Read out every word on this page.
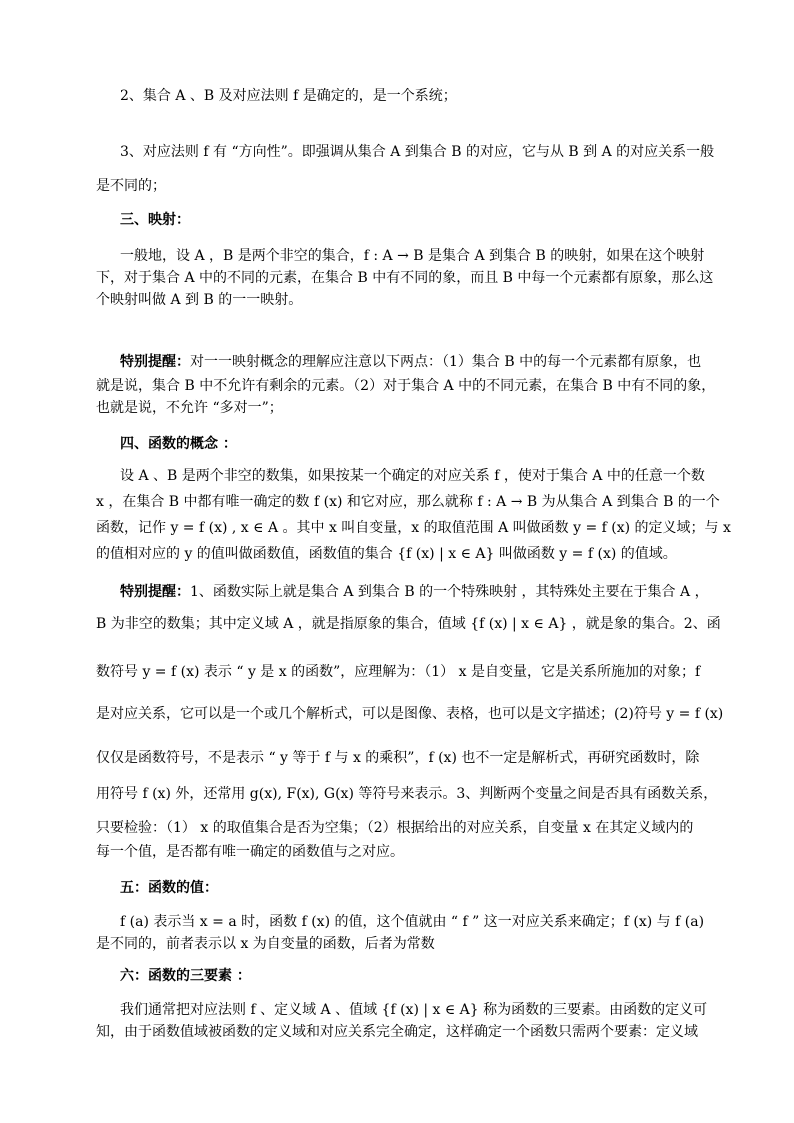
2、集合 A 、B 及对应法则 f 是确定的，是一个系统；
3、对应法则 f 有 “方向性”。即强调从集合 A 到集合 B 的对应，它与从 B 到 A 的对应关系一般
是不同的；
三、映射：
一般地，设 A ，B 是两个非空的集合，f : A → B 是集合 A 到集合 B 的映射，如果在这个映射
下，对于集合 A 中的不同的元素，在集合 B 中有不同的象，而且 B 中每一个元素都有原象，那么这
个映射叫做 A 到 B 的一一映射。
特别提醒：对一一映射概念的理解应注意以下两点：（1）集合 B 中的每一个元素都有原象，也
就是说，集合 B 中不允许有剩余的元素。（2）对于集合 A 中的不同元素，在集合 B 中有不同的象，
也就是说，不允许 “多对一”；
四、函数的概念 ：
设 A 、B 是两个非空的数集，如果按某一个确定的对应关系 f ，使对于集合 A 中的任意一个数
x ，在集合 B 中都有唯一确定的数 f (x) 和它对应，那么就称 f : A → B 为从集合 A 到集合 B 的一个
函数，记作 y = f (x) , x ∈ A 。其中 x 叫自变量，x 的取值范围 A 叫做函数 y = f (x) 的定义域；与 x
的值相对应的 y 的值叫做函数值，函数值的集合 {f (x) | x ∈ A} 叫做函数 y = f (x) 的值域。
特别提醒：1、函数实际上就是集合 A 到集合 B 的一个特殊映射 ，其特殊处主要在于集合 A ，
B 为非空的数集；其中定义域 A ，就是指原象的集合，值域 {f (x) | x ∈ A} ，就是象的集合。2、函
数符号 y = f (x) 表示 “ y 是 x 的函数”，应理解为：（1） x 是自变量，它是关系所施加的对象；f
是对应关系，它可以是一个或几个解析式，可以是图像、表格，也可以是文字描述；(2)符号 y = f (x)
仅仅是函数符号，不是表示 “ y 等于 f 与 x 的乘积”，f (x) 也不一定是解析式，再研究函数时，除
用符号 f (x) 外，还常用 g(x), F(x), G(x) 等符号来表示。3、判断两个变量之间是否具有函数关系，
只要检验：（1） x 的取值集合是否为空集；（2）根据给出的对应关系，自变量 x 在其定义域内的
每一个值，是否都有唯一确定的函数值与之对应。
五：函数的值：
f (a) 表示当 x = a 时，函数 f (x) 的值，这个值就由 “ f ” 这一对应关系来确定；f (x) 与 f (a)
是不同的，前者表示以 x 为自变量的函数，后者为常数
六：函数的三要素 ：
我们通常把对应法则 f 、定义域 A 、值域 {f (x) | x ∈ A} 称为函数的三要素。由函数的定义可
知，由于函数值域被函数的定义域和对应关系完全确定，这样确定一个函数只需两个要素：定义域
